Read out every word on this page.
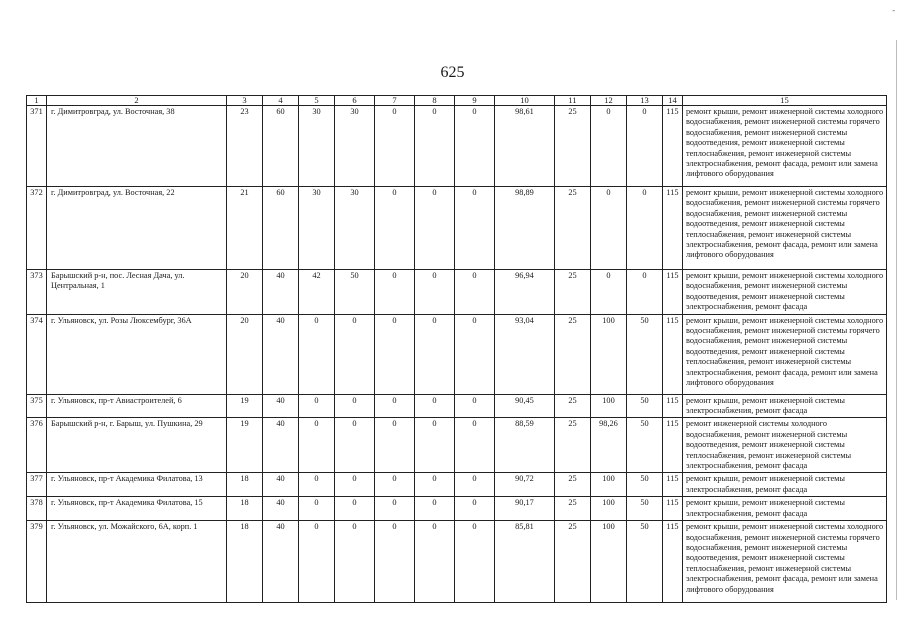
-
625
1	2	3	4	5	6	7	8	9	10	11	12	13	14	15
371	г. Димитровград, ул. Восточная, 38	23	60	30	30	0	0	0	98,61	25	0	0	115	ремонт крыши, ремонт инженерной системы холодного водоснабжения, ремонт инженерной системы горячего водоснабжения, ремонт инженерной системы водоотведения, ремонт инженерной системы теплоснабжения, ремонт инженерной системы электроснабжения, ремонт фасада, ремонт или замена лифтового оборудования
372	г. Димитровград, ул. Восточная, 22	21	60	30	30	0	0	0	98,89	25	0	0	115	ремонт крыши, ремонт инженерной системы холодного водоснабжения, ремонт инженерной системы горячего водоснабжения, ремонт инженерной системы водоотведения, ремонт инженерной системы теплоснабжения, ремонт инженерной системы электроснабжения, ремонт фасада, ремонт или замена лифтового оборудования
373	Барышский р-н, пос. Лесная Дача, ул. Центральная, 1	20	40	42	50	0	0	0	96,94	25	0	0	115	ремонт крыши, ремонт инженерной системы холодного водоснабжения, ремонт инженерной системы водоотведения, ремонт инженерной системы электроснабжения, ремонт фасада
374	г. Ульяновск, ул. Розы Люксембург, 36А	20	40	0	0	0	0	0	93,04	25	100	50	115	ремонт крыши, ремонт инженерной системы холодного водоснабжения, ремонт инженерной системы горячего водоснабжения, ремонт инженерной системы водоотведения, ремонт инженерной системы теплоснабжения, ремонт инженерной системы электроснабжения, ремонт фасада, ремонт или замена лифтового оборудования
375	г. Ульяновск, пр-т Авиастроителей, 6	19	40	0	0	0	0	0	90,45	25	100	50	115	ремонт крыши, ремонт инженерной системы электроснабжения, ремонт фасада
376	Барышский р-н, г. Барыш, ул. Пушкина, 29	19	40	0	0	0	0	0	88,59	25	98,26	50	115	ремонт инженерной системы холодного водоснабжения, ремонт инженерной системы водоотведения, ремонт инженерной системы теплоснабжения, ремонт инженерной системы электроснабжения, ремонт фасада
377	г. Ульяновск, пр-т Академика Филатова, 13	18	40	0	0	0	0	0	90,72	25	100	50	115	ремонт крыши, ремонт инженерной системы электроснабжения, ремонт фасада
378	г. Ульяновск, пр-т Академика Филатова, 15	18	40	0	0	0	0	0	90,17	25	100	50	115	ремонт крыши, ремонт инженерной системы электроснабжения, ремонт фасада
379	г. Ульяновск, ул. Можайского, 6А, корп. 1	18	40	0	0	0	0	0	85,81	25	100	50	115	ремонт крыши, ремонт инженерной системы холодного водоснабжения, ремонт инженерной системы горячего водоснабжения, ремонт инженерной системы водоотведения, ремонт инженерной системы теплоснабжения, ремонт инженерной системы электроснабжения, ремонт фасада, ремонт или замена лифтового оборудования
